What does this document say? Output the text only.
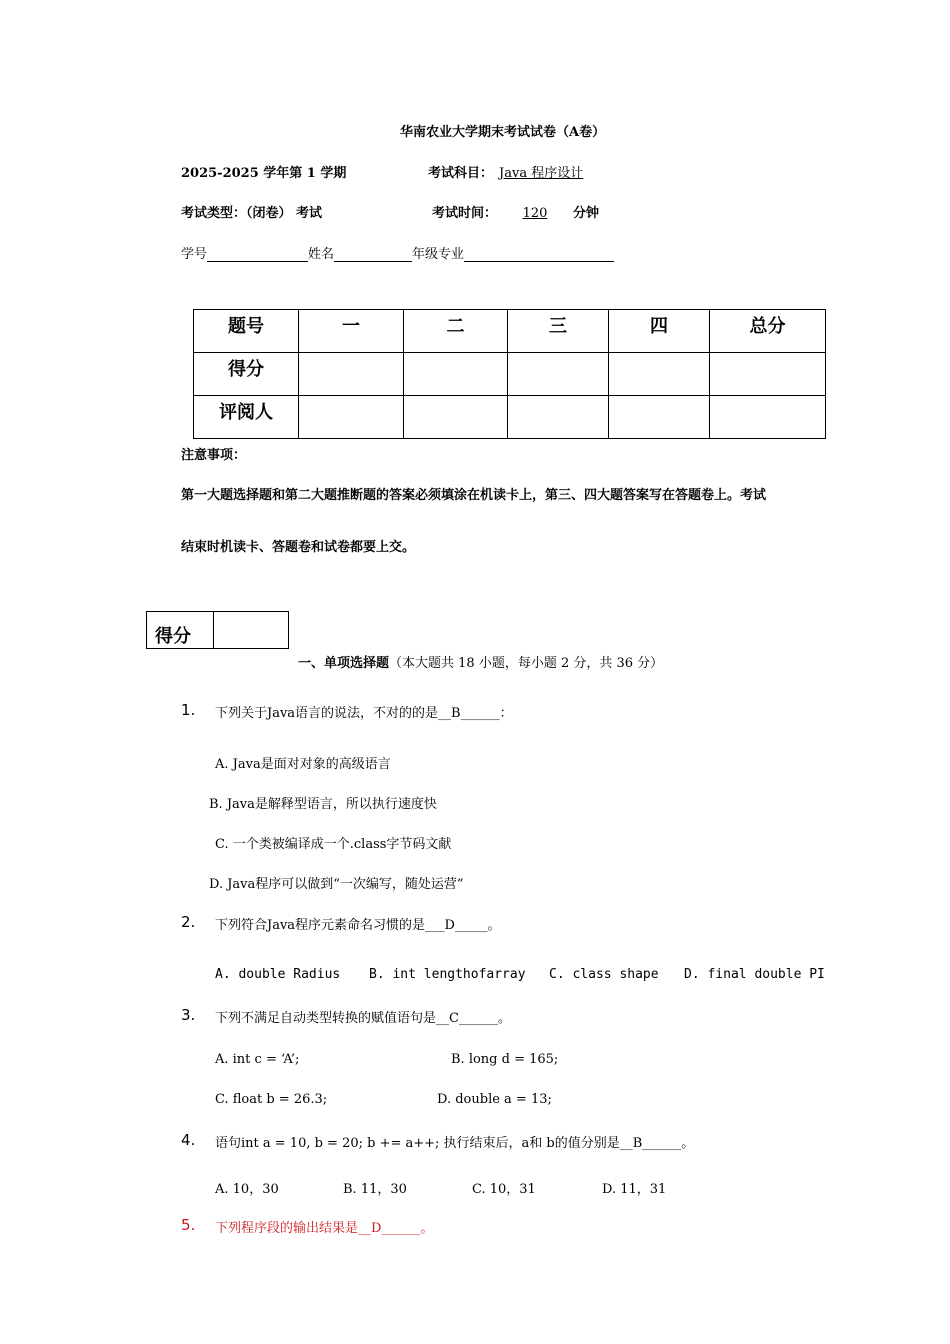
华南农业大学期末考试试卷（A卷）
2025-2025 学年第 1 学期	考试科目： Java 程序设计
考试类型：（闭卷） 考试	考试时间： 120 分钟
学号	姓名	年级专业
题号	一	二	三	四	总分
得分					
评阅人					
注意事项：
第一大题选择题和第二大题推断题的答案必须填涂在机读卡上，第三、四大题答案写在答题卷上。考试
结束时机读卡、答题卷和试卷都要上交。
得分	
一、单项选择题（本大题共 18 小题，每小题 2 分，共 36 分）
1. 下列关于Java语言的说法，不对的的是__B______：
A. Java是面对对象的高级语言
B. Java是解释型语言，所以执行速度快
C. 一个类被编译成一个.class字节码文献
D. Java程序可以做到“一次编写，随处运营”
2. 下列符合Java程序元素命名习惯的是___D_____。
A. double Radius B. int lengthofarray C. class shape D. final double PI
3. 下列不满足自动类型转换的赋值语句是__C______。
A. int c = ‘A’;	B. long d = 165;
C. float b = 26.3;	D. double a = 13;
4. 语句int a = 10, b = 20; b += a++; 执行结束后，a和 b的值分别是__B______。
A. 10，30	B. 11，30	C. 10，31	D. 11，31
5. 下列程序段的输出结果是__D______。
